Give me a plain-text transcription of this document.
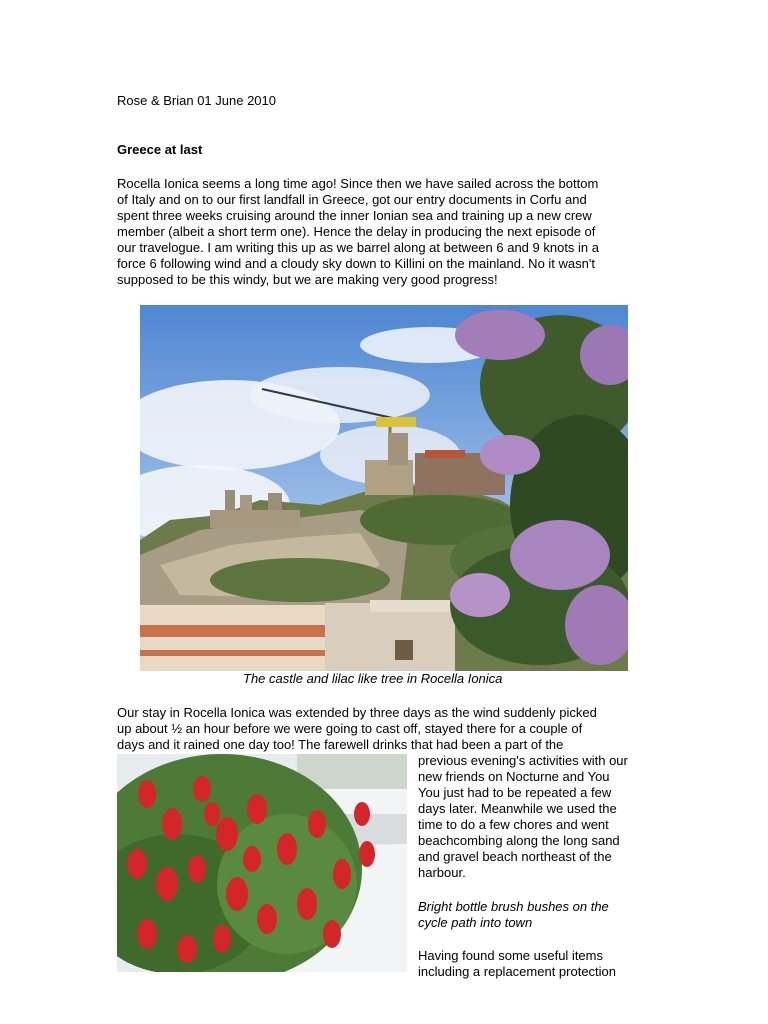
Rose & Brian 01 June 2010
Greece at last
Rocella Ionica seems a long time ago! Since then we have sailed across the bottom
of Italy and on to our first landfall in Greece, got our entry documents in Corfu and
spent three weeks cruising around the inner Ionian sea and training up a new crew
member (albeit a short term one). Hence the delay in producing the next episode of
our travelogue. I am writing this up as we barrel along at between 6 and 9 knots in a
force 6 following wind and a cloudy sky down to Killini on the mainland. No it wasn't
supposed to be this windy, but we are making very good progress!
The castle and lilac like tree in Rocella Ionica
Our stay in Rocella Ionica was extended by three days as the wind suddenly picked
up about ½ an hour before we were going to cast off, stayed there for a couple of
days and it rained one day too! The farewell drinks that had been a part of the
previous evening's activities with our
new friends on Nocturne and You
You just had to be repeated a few
days later. Meanwhile we used the
time to do a few chores and went
beachcombing along the long sand
and gravel beach northeast of the
harbour.
Bright bottle brush bushes on the
cycle path into town
Having found some useful items
including a replacement protection
